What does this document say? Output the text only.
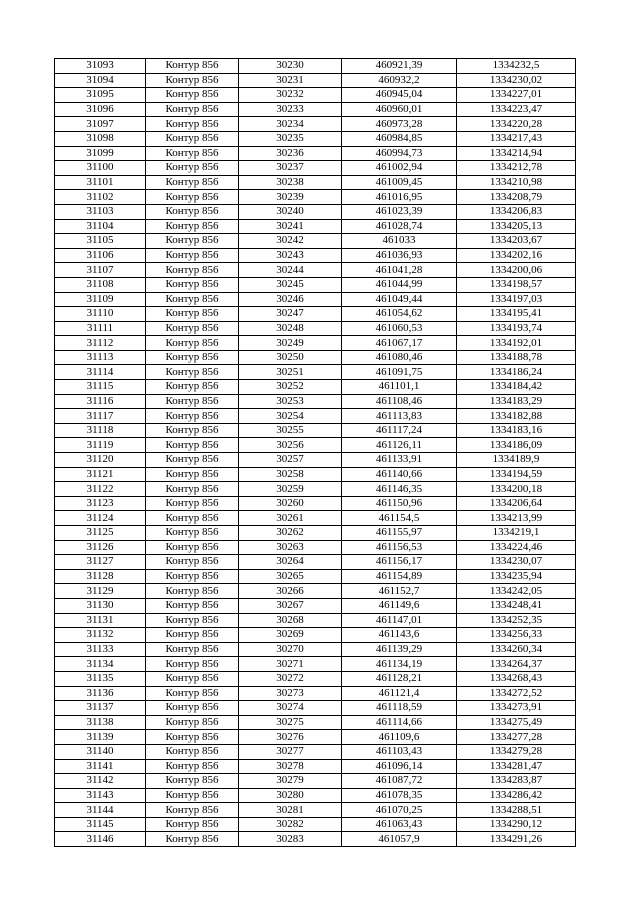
31093	Контур 856	30230	460921,39	1334232,5
31094	Контур 856	30231	460932,2	1334230,02
31095	Контур 856	30232	460945,04	1334227,01
31096	Контур 856	30233	460960,01	1334223,47
31097	Контур 856	30234	460973,28	1334220,28
31098	Контур 856	30235	460984,85	1334217,43
31099	Контур 856	30236	460994,73	1334214,94
31100	Контур 856	30237	461002,94	1334212,78
31101	Контур 856	30238	461009,45	1334210,98
31102	Контур 856	30239	461016,95	1334208,79
31103	Контур 856	30240	461023,39	1334206,83
31104	Контур 856	30241	461028,74	1334205,13
31105	Контур 856	30242	461033	1334203,67
31106	Контур 856	30243	461036,93	1334202,16
31107	Контур 856	30244	461041,28	1334200,06
31108	Контур 856	30245	461044,99	1334198,57
31109	Контур 856	30246	461049,44	1334197,03
31110	Контур 856	30247	461054,62	1334195,41
31111	Контур 856	30248	461060,53	1334193,74
31112	Контур 856	30249	461067,17	1334192,01
31113	Контур 856	30250	461080,46	1334188,78
31114	Контур 856	30251	461091,75	1334186,24
31115	Контур 856	30252	461101,1	1334184,42
31116	Контур 856	30253	461108,46	1334183,29
31117	Контур 856	30254	461113,83	1334182,88
31118	Контур 856	30255	461117,24	1334183,16
31119	Контур 856	30256	461126,11	1334186,09
31120	Контур 856	30257	461133,91	1334189,9
31121	Контур 856	30258	461140,66	1334194,59
31122	Контур 856	30259	461146,35	1334200,18
31123	Контур 856	30260	461150,96	1334206,64
31124	Контур 856	30261	461154,5	1334213,99
31125	Контур 856	30262	461155,97	1334219,1
31126	Контур 856	30263	461156,53	1334224,46
31127	Контур 856	30264	461156,17	1334230,07
31128	Контур 856	30265	461154,89	1334235,94
31129	Контур 856	30266	461152,7	1334242,05
31130	Контур 856	30267	461149,6	1334248,41
31131	Контур 856	30268	461147,01	1334252,35
31132	Контур 856	30269	461143,6	1334256,33
31133	Контур 856	30270	461139,29	1334260,34
31134	Контур 856	30271	461134,19	1334264,37
31135	Контур 856	30272	461128,21	1334268,43
31136	Контур 856	30273	461121,4	1334272,52
31137	Контур 856	30274	461118,59	1334273,91
31138	Контур 856	30275	461114,66	1334275,49
31139	Контур 856	30276	461109,6	1334277,28
31140	Контур 856	30277	461103,43	1334279,28
31141	Контур 856	30278	461096,14	1334281,47
31142	Контур 856	30279	461087,72	1334283,87
31143	Контур 856	30280	461078,35	1334286,42
31144	Контур 856	30281	461070,25	1334288,51
31145	Контур 856	30282	461063,43	1334290,12
31146	Контур 856	30283	461057,9	1334291,26
